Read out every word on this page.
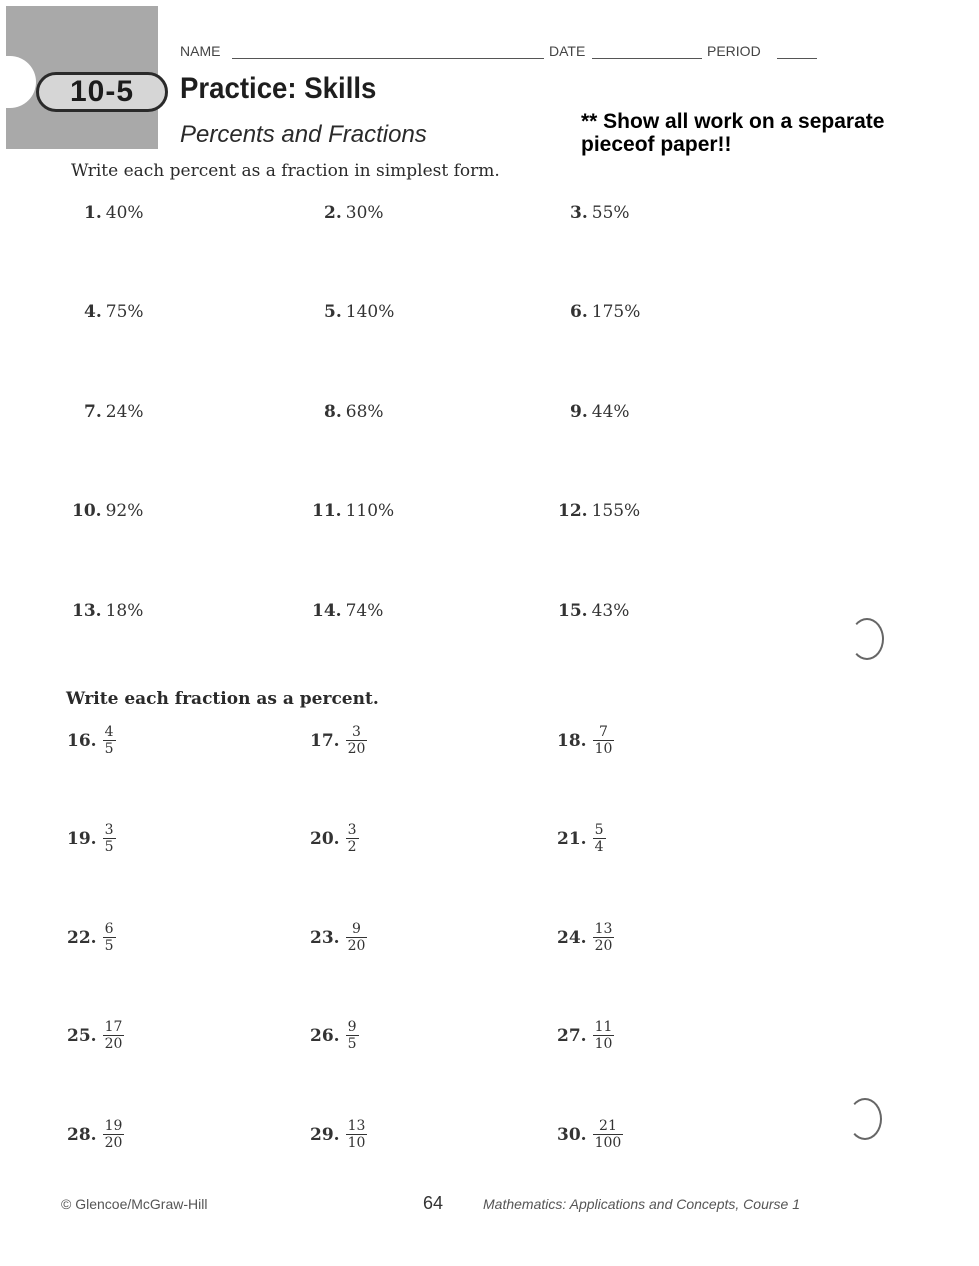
10-5
NAME	DATE	PERIOD
Practice: Skills
Percents and Fractions	** Show all work on a separate pieceof paper!!
Write each percent as a fraction in simplest form.
1. 40%	2. 30%	3. 55%
4. 75%	5. 140%	6. 175%
7. 24%	8. 68%	9. 44%
10. 92%	11. 110%	12. 155%
13. 18%	14. 74%	15. 43%
Write each fraction as a percent.
16. $\frac{4}{5}$	17. $\frac{3}{20}$	18. $\frac{7}{10}$
19. $\frac{3}{5}$	20. $\frac{3}{2}$	21. $\frac{5}{4}$
22. $\frac{6}{5}$	23. $\frac{9}{20}$	24. $\frac{13}{20}$
25. $\frac{17}{20}$	26. $\frac{9}{5}$	27. $\frac{11}{10}$
28. $\frac{19}{20}$	29. $\frac{13}{10}$	30. $\frac{21}{100}$
© Glencoe/McGraw-Hill	64	Mathematics: Applications and Concepts, Course 1
